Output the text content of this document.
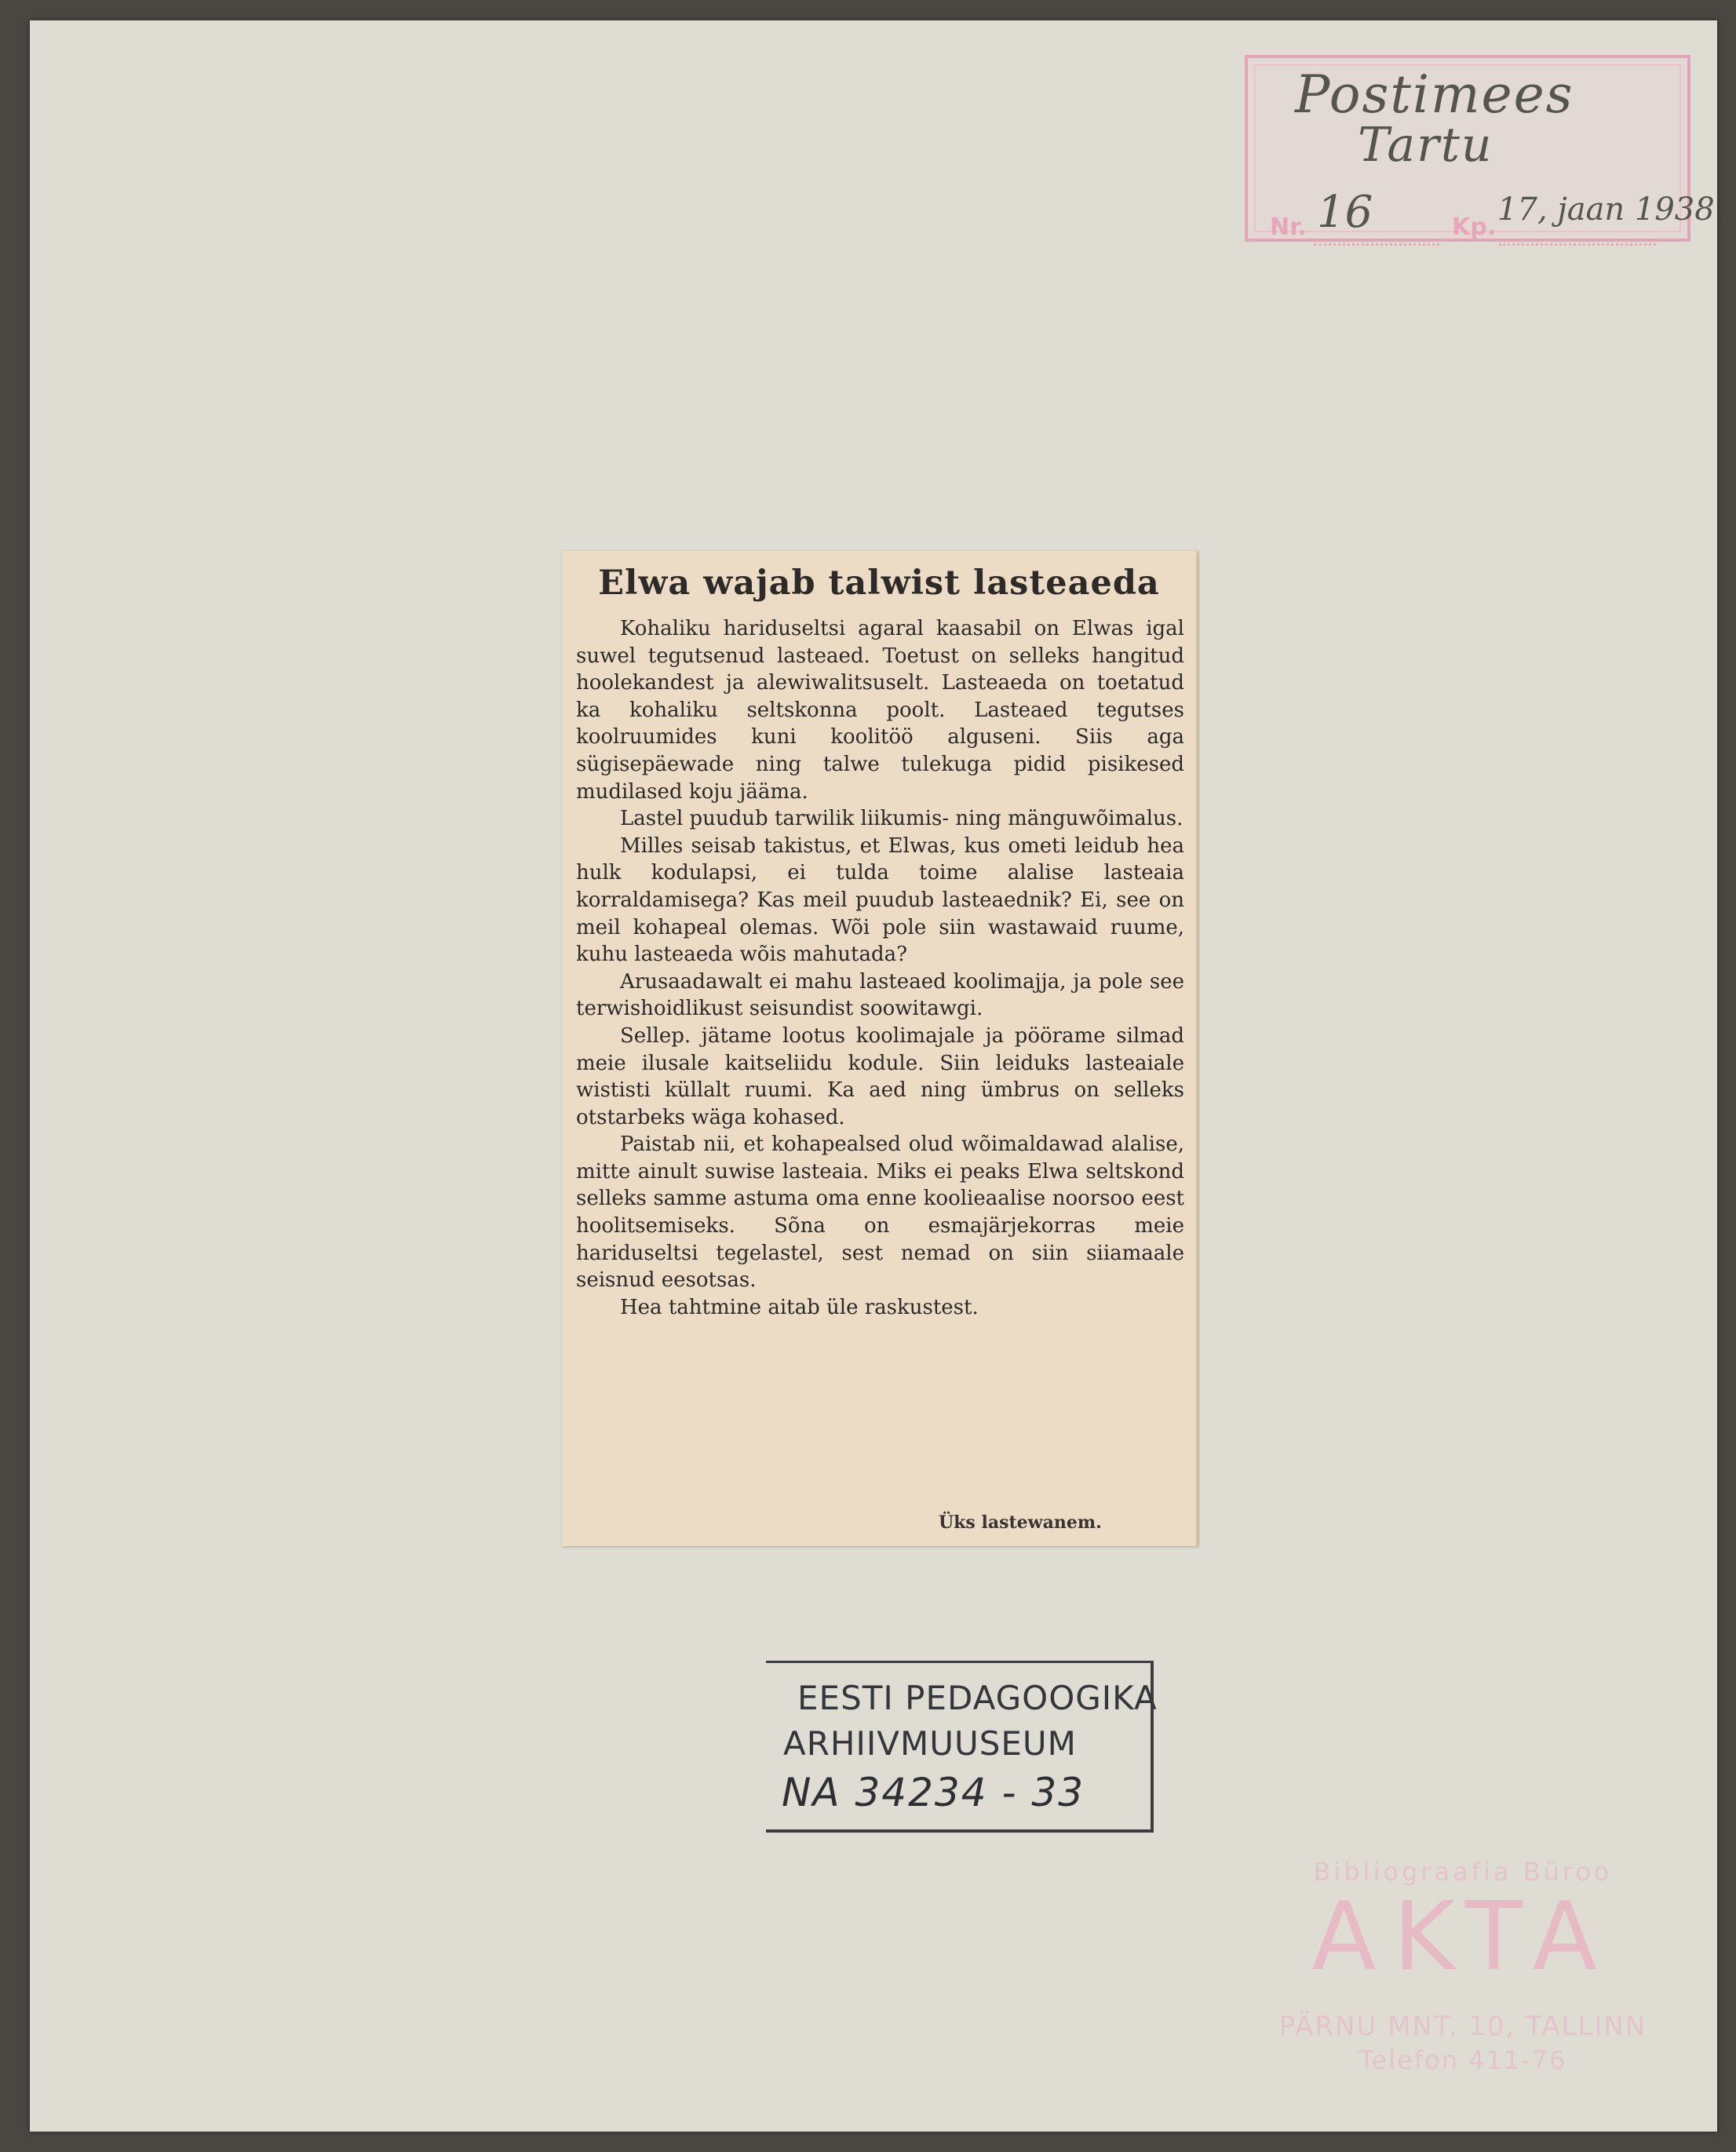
Postimees
Tartu
Nr. 16	Kp. 17, jaan 1938
Elwa wajab talwist lasteaeda

Kohaliku hariduseltsi agaral kaasabil on Elwas igal suwel tegutsenud lasteaed. Toetust on selleks hangitud hoolekandest ja alewiwalitsuselt. Lasteaeda on toetatud ka kohaliku seltskonna poolt. Lasteaed tegutses koolruumides kuni koolitöö alguseni. Siis aga sügisepäewade ning talwe tulekuga pidid pisikesed mudilased koju jääma.

Lastel puudub tarwilik liikumis- ning mänguwõimalus.

Milles seisab takistus, et Elwas, kus ometi leidub hea hulk kodulapsi, ei tulda toime alalise lasteaia korraldamisega? Kas meil puudub lasteaednik? Ei, see on meil kohapeal olemas. Wõi pole siin wastawaid ruume, kuhu lasteaeda wõis mahutada?

Arusaadawalt ei mahu lasteaed koolimajja, ja pole see terwishoidlikust seisundist soowitawgi.

Sellep. jätame lootus koolimajale ja pöörame silmad meie ilusale kaitseliidu kodule. Siin leiduks lasteaiale wististi küllalt ruumi. Ka aed ning ümbrus on selleks otstarbeks wäga kohased.

Paistab nii, et kohapealsed olud wõimaldawad alalise, mitte ainult suwise lasteaia. Miks ei peaks Elwa seltskond selleks samme astuma oma enne koolieaalise noorsoo eest hoolitsemiseks. Sõna on esmajärjekorras meie hariduseltsi tegelastel, sest nemad on siin siiamaale seisnud eesotsas.

Hea tahtmine aitab üle raskustest.

Üks lastewanem.
EESTI PEDAGOOGIKA
ARHIIVMUUSEUM
NA 34234 - 33
Bibliograafia Büroo
AKTA
PÄRNU MNT. 10, TALLINN
Telefon 411-76
